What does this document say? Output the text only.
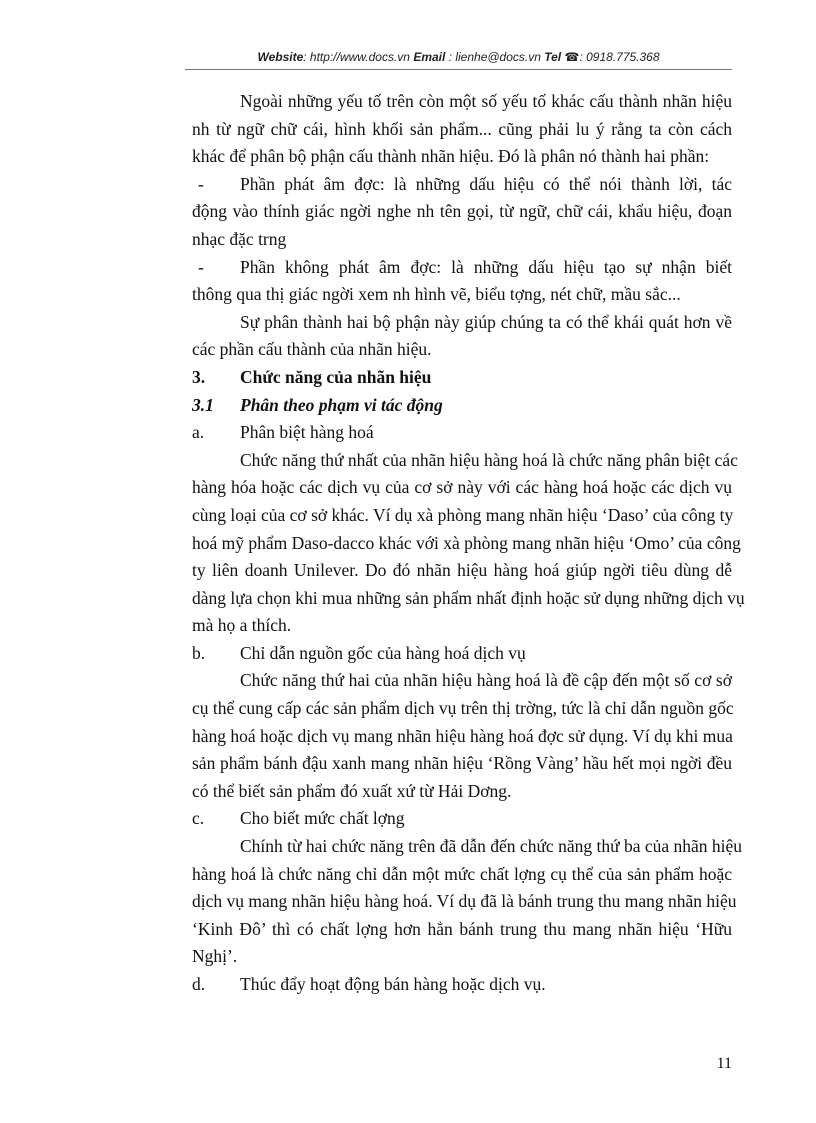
Website: http://www.docs.vn Email : lienhe@docs.vn Tel ☎: 0918.775.368
Ngoài những yếu tố trên còn một số yếu tố khác cấu thành nhãn hiệu
nh từ ngữ chữ cái, hình khối sản phẩm... cũng phải lu ý rằng ta còn cách
khác để phân bộ phận cấu thành nhãn hiệu. Đó là phân nó thành hai phần:
- Phần phát âm đợc: là những dấu hiệu có thể nói thành lời, tác
động vào thính giác ngời nghe nh tên gọi, từ ngữ, chữ cái, khẩu hiệu, đoạn
nhạc đặc trng
- Phần không phát âm đợc: là những dấu hiệu tạo sự nhận biết
thông qua thị giác ngời xem nh hình vẽ, biểu tợng, nét chữ, mầu sắc...
Sự phân thành hai bộ phận này giúp chúng ta có thể khái quát hơn về
các phần cấu thành của nhãn hiệu.
3. Chức năng của nhãn hiệu
3.1 Phân theo phạm vi tác động
a. Phân biệt hàng hoá
Chức năng thứ nhất của nhãn hiệu hàng hoá là chức năng phân biệt các
hàng hóa hoặc các dịch vụ của cơ sở này với các hàng hoá hoặc các dịch vụ
cùng loại của cơ sở khác. Ví dụ xà phòng mang nhãn hiệu ‘Daso’ của công ty
hoá mỹ phẩm Daso-dacco khác với xà phòng mang nhãn hiệu ‘Omo’ của công
ty liên doanh Unilever. Do đó nhãn hiệu hàng hoá giúp ngời tiêu dùng dễ
dàng lựa chọn khi mua những sản phẩm nhất định hoặc sử dụng những dịch vụ
mà họ a thích.
b. Chỉ dẫn nguồn gốc của hàng hoá dịch vụ
Chức năng thứ hai của nhãn hiệu hàng hoá là đề cập đến một số cơ sở
cụ thể cung cấp các sản phẩm dịch vụ trên thị trờng, tức là chỉ dẫn nguồn gốc
hàng hoá hoặc dịch vụ mang nhãn hiệu hàng hoá đợc sử dụng. Ví dụ khi mua
sản phẩm bánh đậu xanh mang nhãn hiệu ‘Rồng Vàng’ hầu hết mọi ngời đều
có thể biết sản phẩm đó xuất xứ từ Hải Dơng.
c. Cho biết mức chất lợng
Chính từ hai chức năng trên đã dẫn đến chức năng thứ ba của nhãn hiệu
hàng hoá là chức năng chỉ dẫn một mức chất lợng cụ thể của sản phẩm hoặc
dịch vụ mang nhãn hiệu hàng hoá. Ví dụ đã là bánh trung thu mang nhãn hiệu
‘Kinh Đô’ thì có chất lợng hơn hẳn bánh trung thu mang nhãn hiệu ‘Hữu
Nghị’.
d. Thúc đẩy hoạt động bán hàng hoặc dịch vụ.
11
